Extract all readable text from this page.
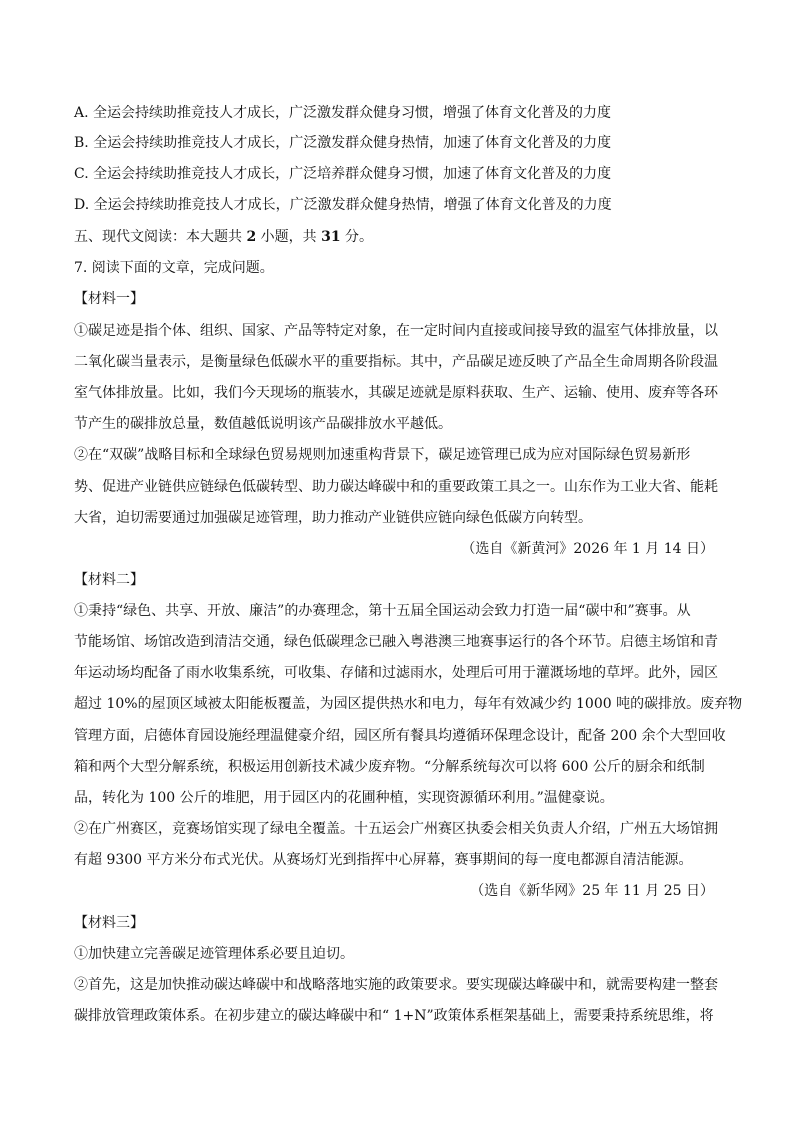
A. 全运会持续助推竞技人才成长，广泛激发群众健身习惯，增强了体育文化普及的力度
B. 全运会持续助推竞技人才成长，广泛激发群众健身热情，加速了体育文化普及的力度
C. 全运会持续助推竞技人才成长，广泛培养群众健身习惯，加速了体育文化普及的力度
D. 全运会持续助推竞技人才成长，广泛激发群众健身热情，增强了体育文化普及的力度
五、现代文阅读：本大题共 2 小题，共 31 分。
7. 阅读下面的文章，完成问题。
【材料一】
①碳足迹是指个体、组织、国家、产品等特定对象，在一定时间内直接或间接导致的温室气体排放量，以
二氧化碳当量表示，是衡量绿色低碳水平的重要指标。其中，产品碳足迹反映了产品全生命周期各阶段温
室气体排放量。比如，我们今天现场的瓶装水，其碳足迹就是原料获取、生产、运输、使用、废弃等各环
节产生的碳排放总量，数值越低说明该产品碳排放水平越低。
②在“双碳”战略目标和全球绿色贸易规则加速重构背景下，碳足迹管理已成为应对国际绿色贸易新形
势、促进产业链供应链绿色低碳转型、助力碳达峰碳中和的重要政策工具之一。山东作为工业大省、能耗
大省，迫切需要通过加强碳足迹管理，助力推动产业链供应链向绿色低碳方向转型。
（选自《新黄河》2026 年 1 月 14 日）
【材料二】
①秉持“绿色、共享、开放、廉洁”的办赛理念，第十五届全国运动会致力打造一届“碳中和”赛事。从
节能场馆、场馆改造到清洁交通，绿色低碳理念已融入粤港澳三地赛事运行的各个环节。启德主场馆和青
年运动场均配备了雨水收集系统，可收集、存储和过滤雨水，处理后可用于灌溉场地的草坪。此外，园区
超过 10%的屋顶区域被太阳能板覆盖，为园区提供热水和电力，每年有效减少约 1000 吨的碳排放。废弃物
管理方面，启德体育园设施经理温健豪介绍，园区所有餐具均遵循环保理念设计，配备 200 余个大型回收
箱和两个大型分解系统，积极运用创新技术减少废弃物。“分解系统每次可以将 600 公斤的厨余和纸制
品，转化为 100 公斤的堆肥，用于园区内的花圃种植，实现资源循环利用。”温健豪说。
②在广州赛区，竞赛场馆实现了绿电全覆盖。十五运会广州赛区执委会相关负责人介绍，广州五大场馆拥
有超 9300 平方米分布式光伏。从赛场灯光到指挥中心屏幕，赛事期间的每一度电都源自清洁能源。
（选自《新华网》25 年 11 月 25 日）
【材料三】
①加快建立完善碳足迹管理体系必要且迫切。
②首先，这是加快推动碳达峰碳中和战略落地实施的政策要求。要实现碳达峰碳中和，就需要构建一整套
碳排放管理政策体系。在初步建立的碳达峰碳中和“ 1+N”政策体系框架基础上，需要秉持系统思维，将
